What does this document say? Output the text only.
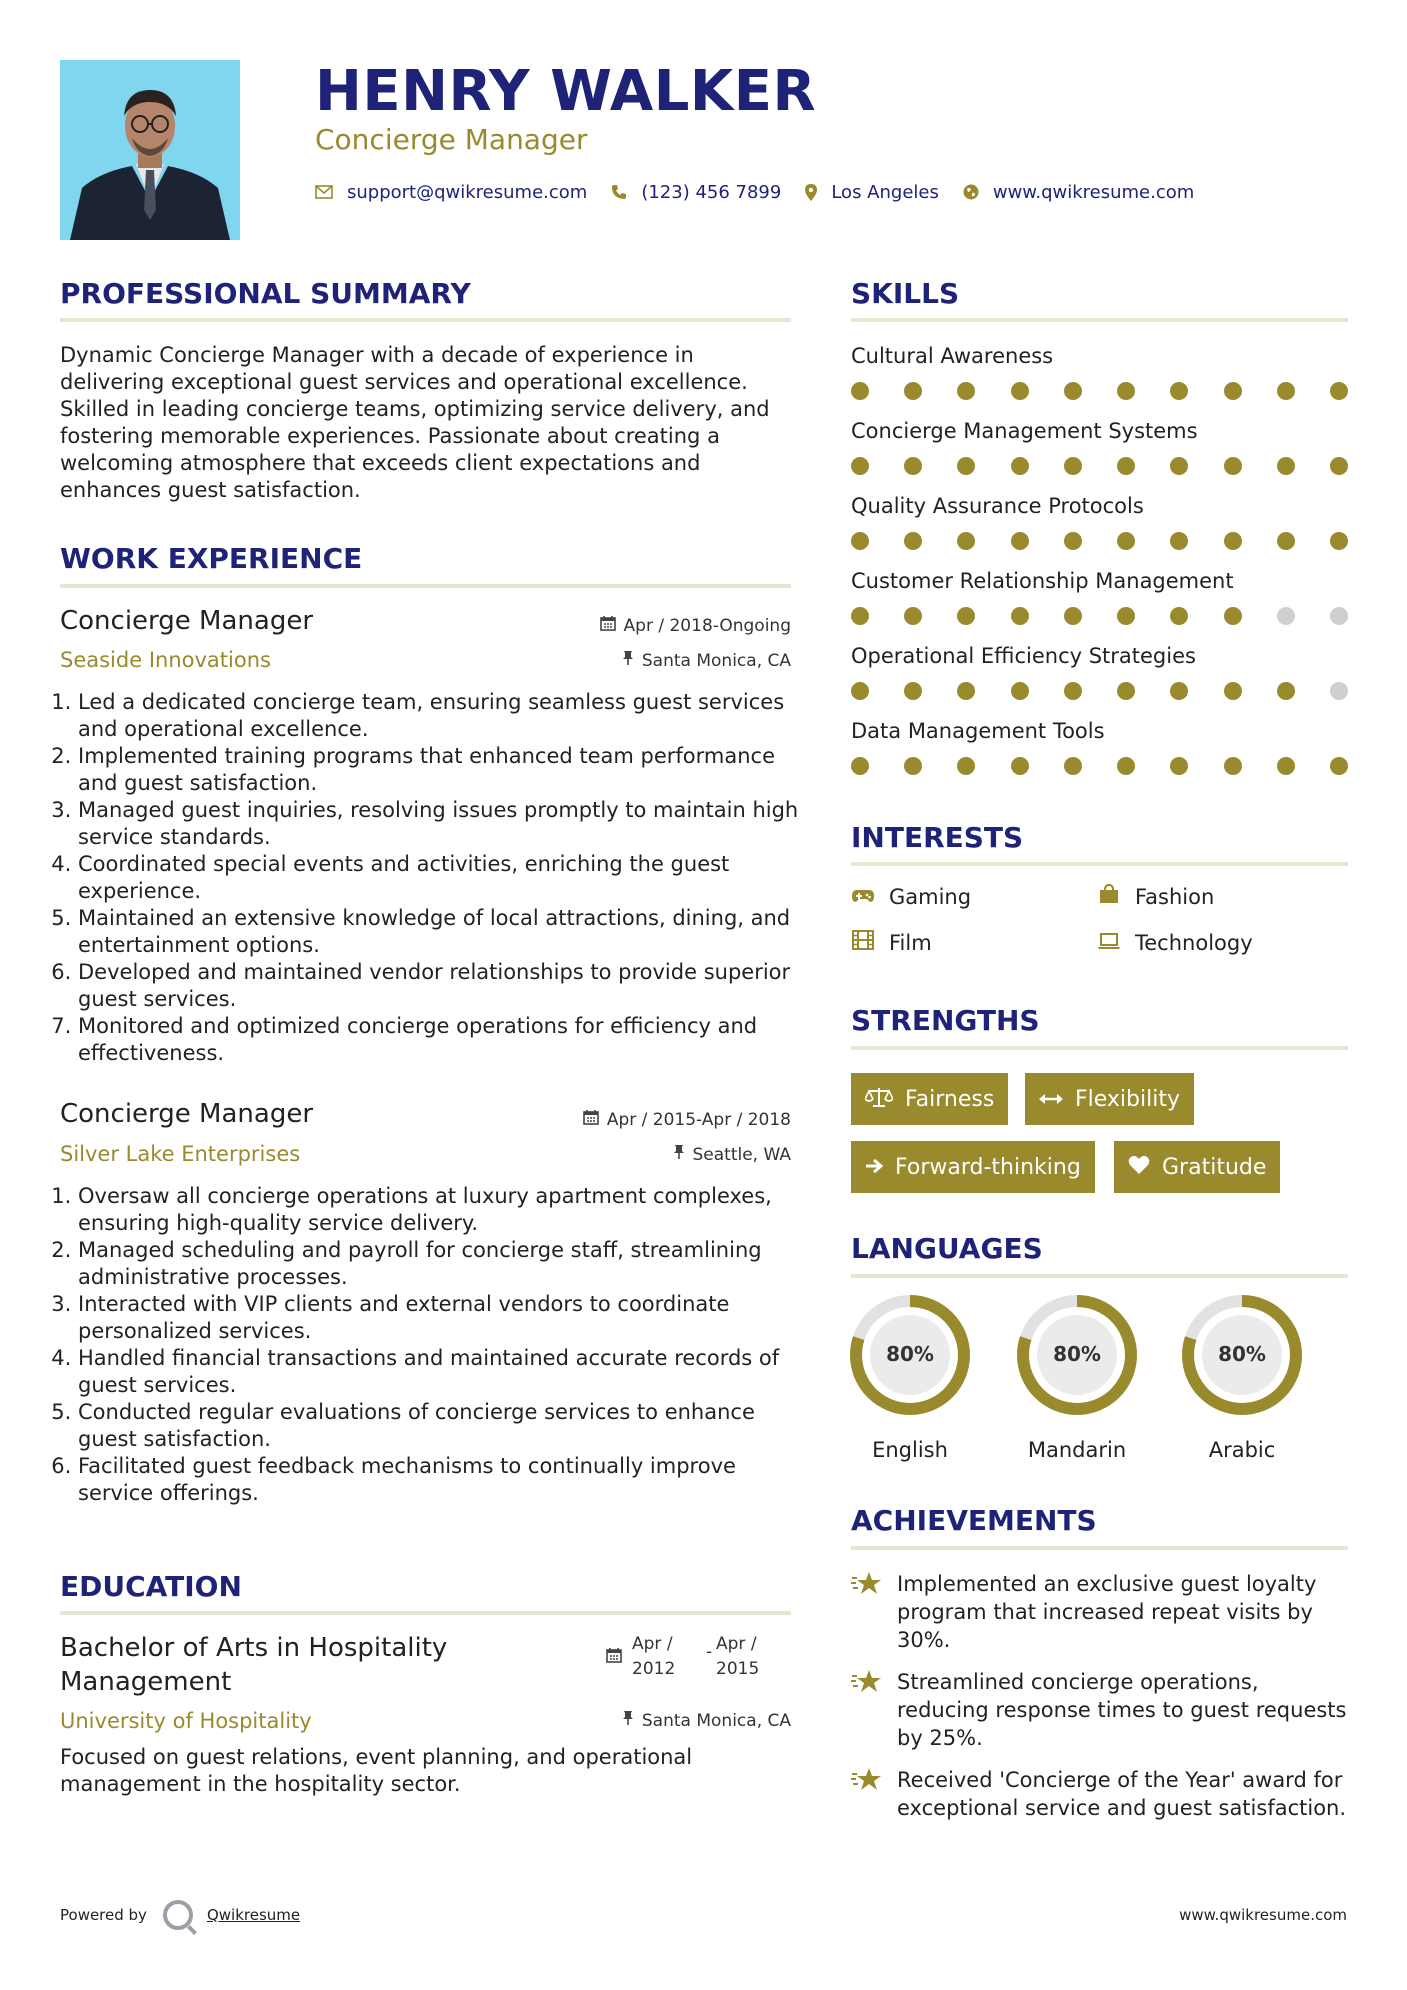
HENRY WALKER
Concierge Manager
support@qwikresume.com	(123) 456 7899	Los Angeles	www.qwikresume.com
PROFESSIONAL SUMMARY
Dynamic Concierge Manager with a decade of experience in delivering exceptional guest services and operational excellence. Skilled in leading concierge teams, optimizing service delivery, and fostering memorable experiences. Passionate about creating a welcoming atmosphere that exceeds client expectations and enhances guest satisfaction.
WORK EXPERIENCE
Concierge Manager	Apr / 2018-Ongoing
Seaside Innovations	Santa Monica, CA
1. Led a dedicated concierge team, ensuring seamless guest services and operational excellence.
2. Implemented training programs that enhanced team performance and guest satisfaction.
3. Managed guest inquiries, resolving issues promptly to maintain high service standards.
4. Coordinated special events and activities, enriching the guest experience.
5. Maintained an extensive knowledge of local attractions, dining, and entertainment options.
6. Developed and maintained vendor relationships to provide superior guest services.
7. Monitored and optimized concierge operations for efficiency and effectiveness.
Concierge Manager	Apr / 2015-Apr / 2018
Silver Lake Enterprises	Seattle, WA
1. Oversaw all concierge operations at luxury apartment complexes, ensuring high-quality service delivery.
2. Managed scheduling and payroll for concierge staff, streamlining administrative processes.
3. Interacted with VIP clients and external vendors to coordinate personalized services.
4. Handled financial transactions and maintained accurate records of guest services.
5. Conducted regular evaluations of concierge services to enhance guest satisfaction.
6. Facilitated guest feedback mechanisms to continually improve service offerings.
EDUCATION
Bachelor of Arts in Hospitality
Management
Apr /
2012
- Apr /
2015
University of Hospitality	Santa Monica, CA
Focused on guest relations, event planning, and operational management in the hospitality sector.
SKILLS
Cultural Awareness
Concierge Management Systems
Quality Assurance Protocols
Customer Relationship Management
Operational Efficiency Strategies
Data Management Tools
INTERESTS
Gaming	Fashion
Film	Technology
STRENGTHS
Fairness	Flexibility
Forward-thinking	Gratitude
LANGUAGES
80%
English
80%
Mandarin
80%
Arabic
ACHIEVEMENTS
Implemented an exclusive guest loyalty program that increased repeat visits by 30%.
Streamlined concierge operations, reducing response times to guest requests by 25%.
Received 'Concierge of the Year' award for exceptional service and guest satisfaction.
Powered by	Qwikresume	www.qwikresume.com
